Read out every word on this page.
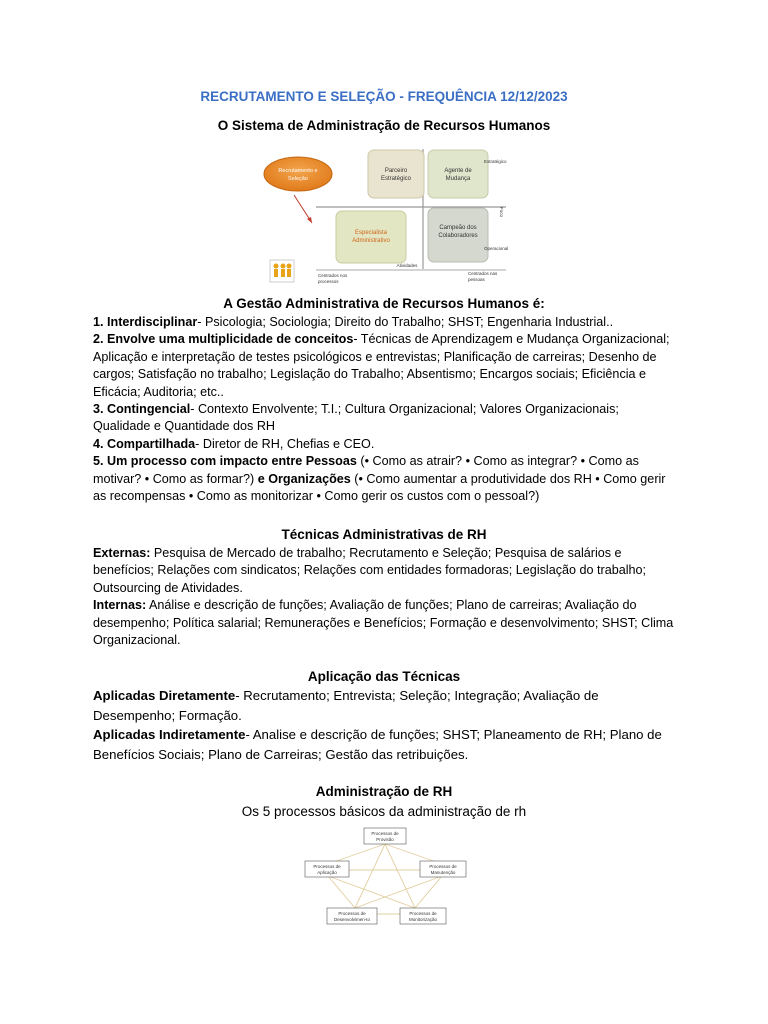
RECRUTAMENTO E SELEÇÃO - FREQUÊNCIA 12/12/2023
O Sistema de Administração de Recursos Humanos
Recrutamento e
Seleção
Parceiro
Estratégico
Agente de
Mudança
Especialista
Administrativo
Campeão dos
Colaboradores
Estratégico
Foco
Operacional
Atividades
Centrados nos
processos
Centrados nas
pessoas
A Gestão Administrativa de Recursos Humanos é:
1. Interdisciplinar- Psicologia; Sociologia; Direito do Trabalho; SHST; Engenharia Industrial..
2. Envolve uma multiplicidade de conceitos- Técnicas de Aprendizagem e Mudança Organizacional; Aplicação e interpretação de testes psicológicos e entrevistas; Planificação de carreiras; Desenho de cargos; Satisfação no trabalho; Legislação do Trabalho; Absentismo; Encargos sociais; Eficiência e Eficácia; Auditoria; etc..
3. Contingencial- Contexto Envolvente; T.I.; Cultura Organizacional; Valores Organizacionais; Qualidade e Quantidade dos RH
4. Compartilhada- Diretor de RH, Chefias e CEO.
5. Um processo com impacto entre Pessoas (• Como as atrair? • Como as integrar? • Como as motivar? • Como as formar?) e Organizações (• Como aumentar a produtividade dos RH • Como gerir as recompensas • Como as monitorizar • Como gerir os custos com o pessoal?)
Técnicas Administrativas de RH
Externas: Pesquisa de Mercado de trabalho; Recrutamento e Seleção; Pesquisa de salários e benefícios; Relações com sindicatos; Relações com entidades formadoras; Legislação do trabalho; Outsourcing de Atividades.
Internas: Análise e descrição de funções; Avaliação de funções; Plano de carreiras; Avaliação do desempenho; Política salarial; Remunerações e Benefícios; Formação e desenvolvimento; SHST; Clima Organizacional.
Aplicação das Técnicas
Aplicadas Diretamente- Recrutamento; Entrevista; Seleção; Integração; Avaliação de Desempenho; Formação.
Aplicadas Indiretamente- Analise e descrição de funções; SHST; Planeamento de RH; Plano de Benefícios Sociais; Plano de Carreiras; Gestão das retribuições.
Administração de RH
Os 5 processos básicos da administração de rh
Processos de
Provisão
Processos de
Aplicação
Processos de
Manutenção
Processos de
Desenvolvimen-to
Processos de
Monitorização
